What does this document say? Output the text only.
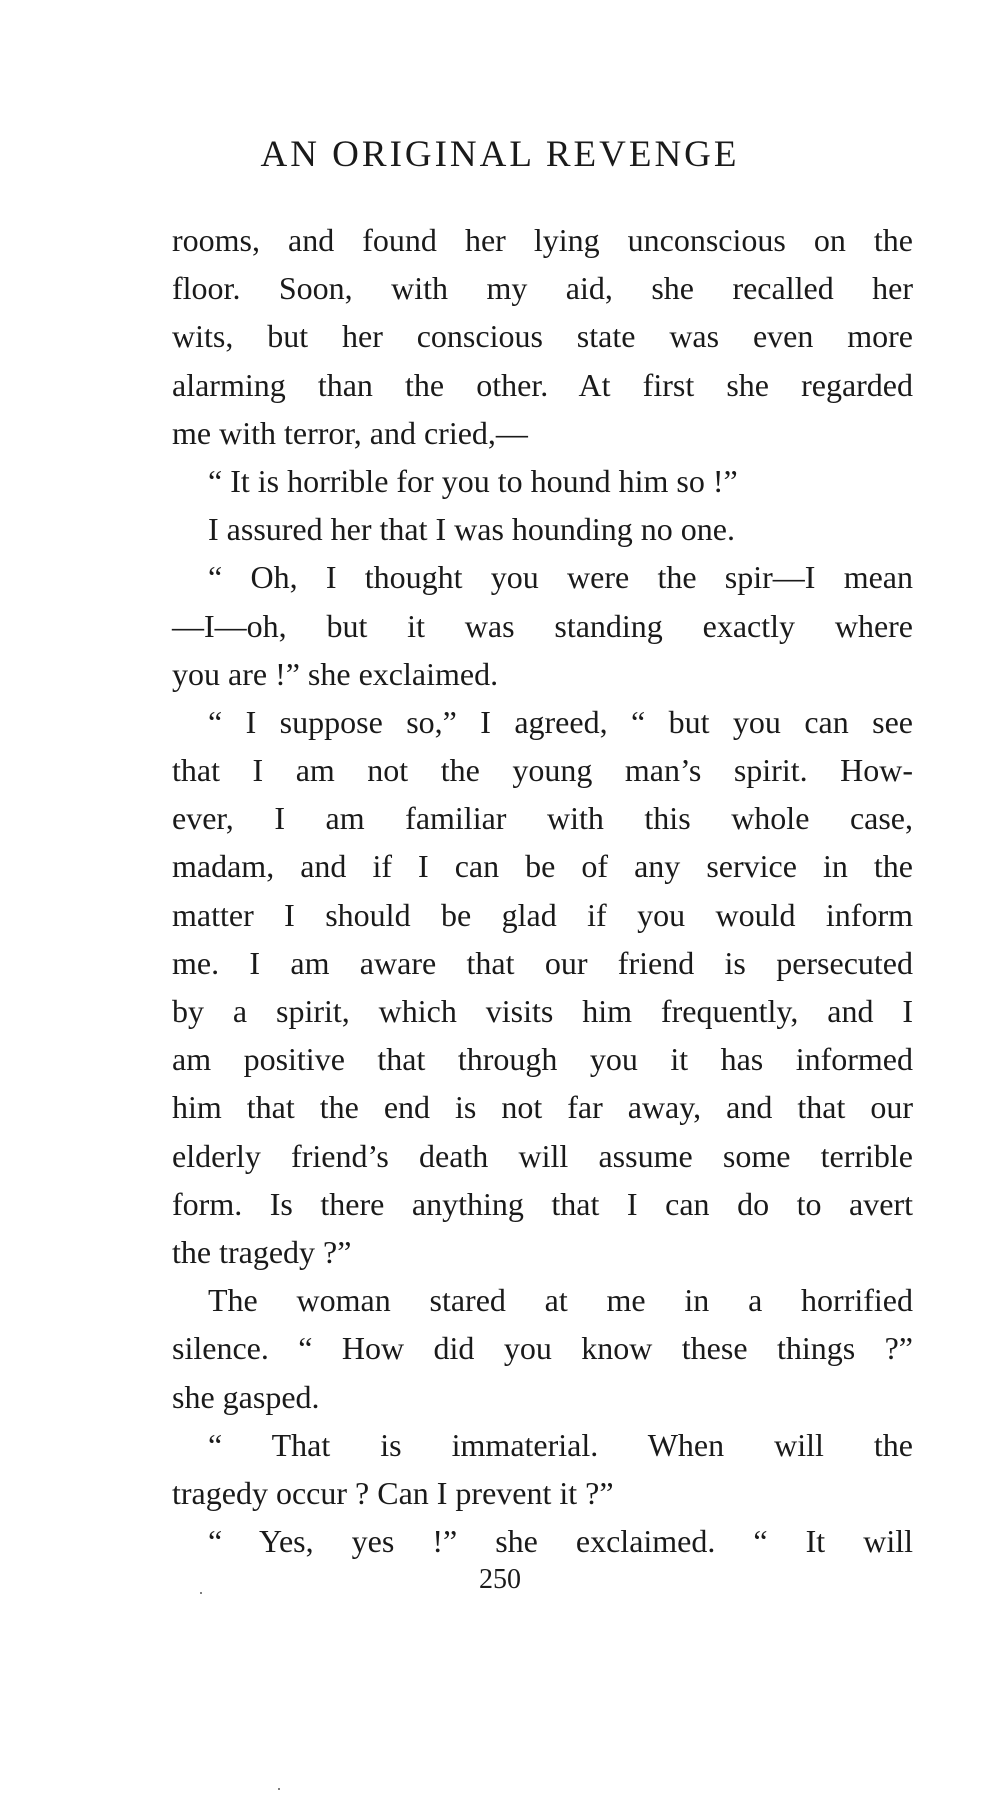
AN ORIGINAL REVENGE
rooms, and found her lying unconscious on the
floor. Soon, with my aid, she recalled her
wits, but her conscious state was even more
alarming than the other. At first she regarded
me with terror, and cried,—
“ It is horrible for you to hound him so !”
I assured her that I was hounding no one.
“ Oh, I thought you were the spir—I mean
—I—oh, but it was standing exactly where
you are !” she exclaimed.
“ I suppose so,” I agreed, “ but you can see
that I am not the young man’s spirit. How-
ever, I am familiar with this whole case,
madam, and if I can be of any service in the
matter I should be glad if you would inform
me. I am aware that our friend is persecuted
by a spirit, which visits him frequently, and I
am positive that through you it has informed
him that the end is not far away, and that our
elderly friend’s death will assume some terrible
form. Is there anything that I can do to avert
the tragedy ?”
The woman stared at me in a horrified
silence. “ How did you know these things ?”
she gasped.
“ That is immaterial. When will the
tragedy occur ? Can I prevent it ?”
“ Yes, yes !” she exclaimed. “ It will
250
